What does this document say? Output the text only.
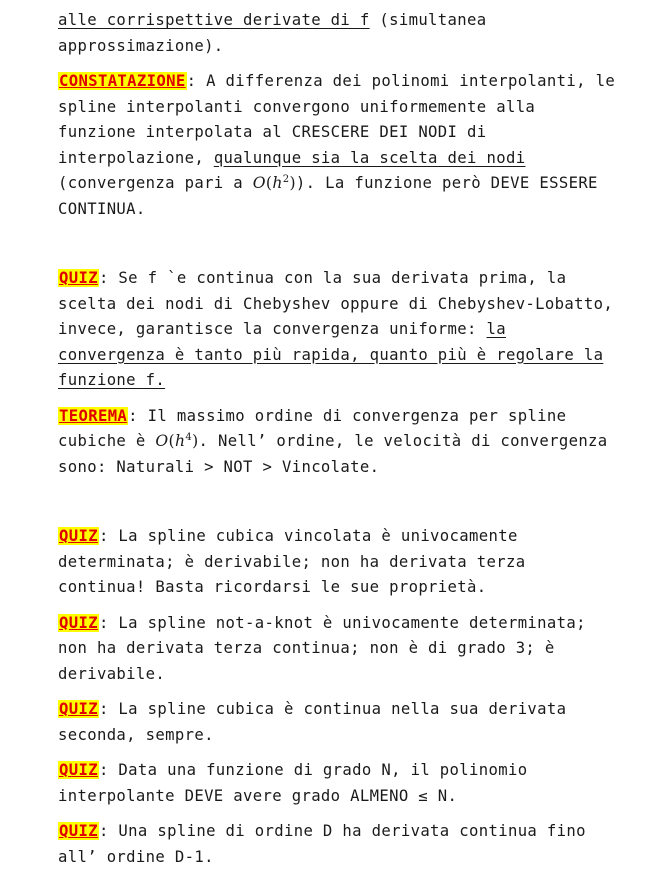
alle corrispettive derivate di f (simultanea approssimazione).

CONSTATAZIONE: A differenza dei polinomi interpolanti, le spline interpolanti convergono uniformemente alla funzione interpolata al CRESCERE DEI NODI di interpolazione, qualunque sia la scelta dei nodi (convergenza pari a $O(h^2)$). La funzione però DEVE ESSERE CONTINUA.

QUIZ: Se f `e continua con la sua derivata prima, la scelta dei nodi di Chebyshev oppure di Chebyshev-Lobatto, invece, garantisce la convergenza uniforme: la convergenza è tanto più rapida, quanto più è regolare la funzione f.

TEOREMA: Il massimo ordine di convergenza per spline cubiche è $O(h^4)$. Nell’ ordine, le velocità di convergenza sono: Naturali > NOT > Vincolate.

QUIZ: La spline cubica vincolata è univocamente determinata; è derivabile; non ha derivata terza continua! Basta ricordarsi le sue proprietà.

QUIZ: La spline not-a-knot è univocamente determinata; non ha derivata terza continua; non è di grado 3; è derivabile.

QUIZ: La spline cubica è continua nella sua derivata seconda, sempre.

QUIZ: Data una funzione di grado N, il polinomio interpolante DEVE avere grado ALMENO ≤ N.

QUIZ: Una spline di ordine D ha derivata continua fino all’ ordine D-1.
